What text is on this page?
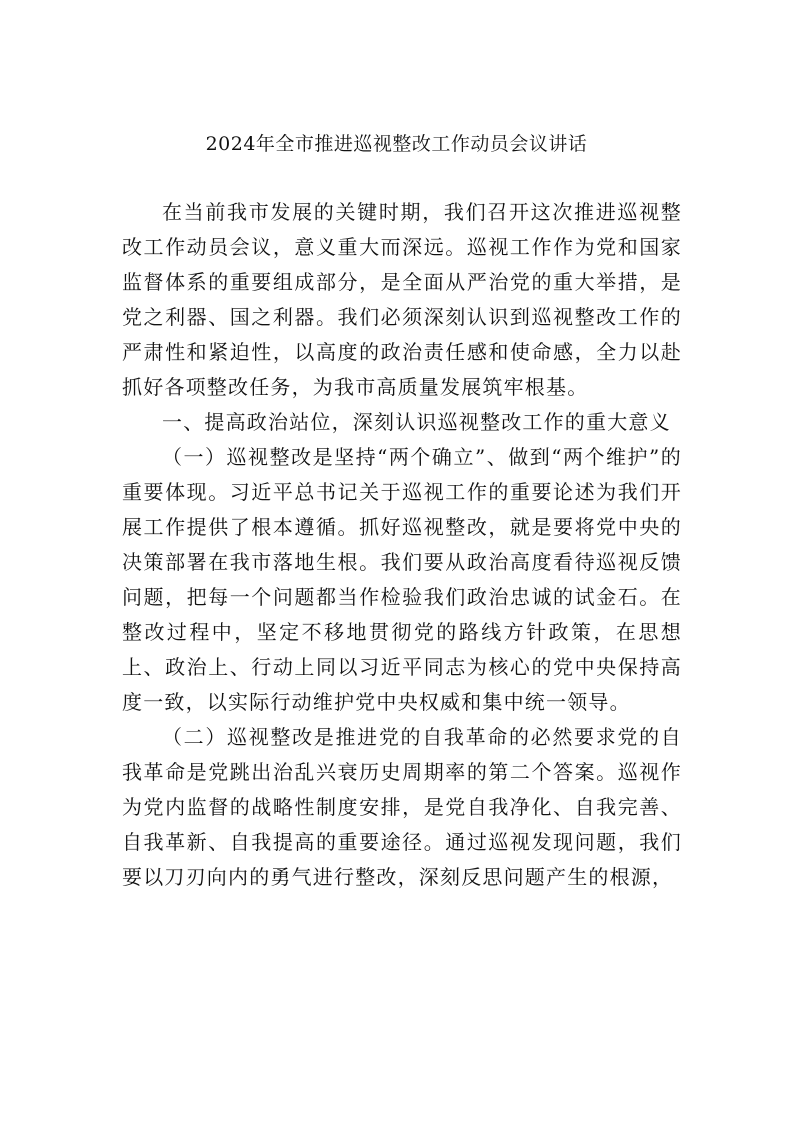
2024年全市推进巡视整改工作动员会议讲话

在当前我市发展的关键时期，我们召开这次推进巡视整改工作动员会议，意义重大而深远。巡视工作作为党和国家监督体系的重要组成部分，是全面从严治党的重大举措，是党之利器、国之利器。我们必须深刻认识到巡视整改工作的严肃性和紧迫性，以高度的政治责任感和使命感，全力以赴抓好各项整改任务，为我市高质量发展筑牢根基。

一、提高政治站位，深刻认识巡视整改工作的重大意义

（一）巡视整改是坚持“两个确立”、做到“两个维护”的重要体现。习近平总书记关于巡视工作的重要论述为我们开展工作提供了根本遵循。抓好巡视整改，就是要将党中央的决策部署在我市落地生根。我们要从政治高度看待巡视反馈问题，把每一个问题都当作检验我们政治忠诚的试金石。在整改过程中，坚定不移地贯彻党的路线方针政策，在思想上、政治上、行动上同以习近平同志为核心的党中央保持高度一致，以实际行动维护党中央权威和集中统一领导。

（二）巡视整改是推进党的自我革命的必然要求党的自我革命是党跳出治乱兴衰历史周期率的第二个答案。巡视作为党内监督的战略性制度安排，是党自我净化、自我完善、自我革新、自我提高的重要途径。通过巡视发现问题，我们要以刀刃向内的勇气进行整改，深刻反思问题产生的根源，
